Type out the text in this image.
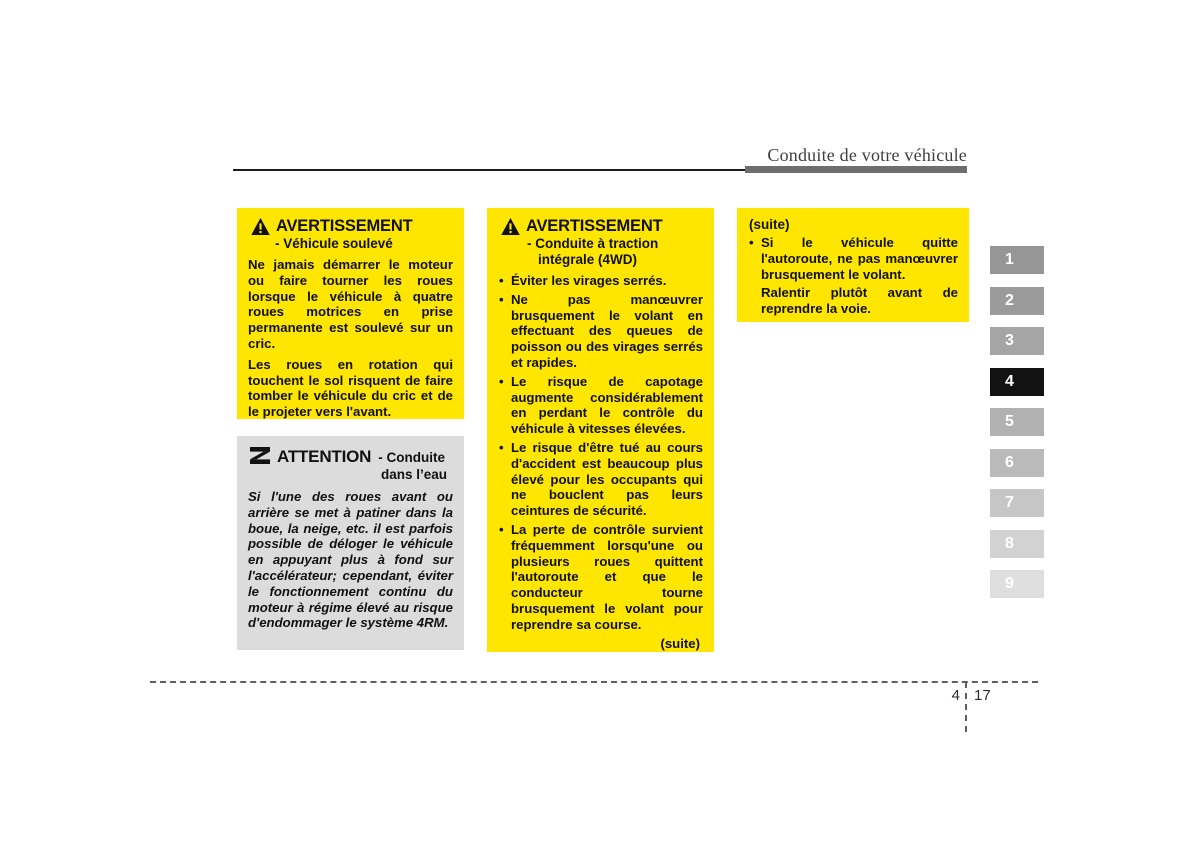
Conduite de votre véhicule
AVERTISSEMENT
- Véhicule soulevé

Ne jamais démarrer le moteur ou faire tourner les roues lorsque le véhicule à quatre roues motrices en prise permanente est soulevé sur un cric.

Les roues en rotation qui touchent le sol risquent de faire tomber le véhicule du cric et de le projeter vers l'avant.

ATTENTION - Conduite
dans l’eau

Si l'une des roues avant ou arrière se met à patiner dans la boue, la neige, etc. il est parfois possible de déloger le véhicule en appuyant plus à fond sur l'accélérateur; cependant, éviter le fonctionnement continu du moteur à régime élevé au risque d'endommager le système 4RM.

AVERTISSEMENT
- Conduite à traction
intégrale (4WD)
• Éviter les virages serrés.
• Ne pas manœuvrer brusquement le volant en effectuant des queues de poisson ou des virages serrés et rapides.
• Le risque de capotage augmente considérablement en perdant le contrôle du véhicule à vitesses élevées.
• Le risque d'être tué au cours d'accident est beaucoup plus élevé pour les occupants qui ne bouclent pas leurs ceintures de sécurité.
• La perte de contrôle survient fréquemment lorsqu'une ou plusieurs roues quittent l'autoroute et que le conducteur tourne brusquement le volant pour reprendre sa course.
(suite)
(suite)
• Si le véhicule quitte l'autoroute, ne pas manœuvrer brusquement le volant.
Ralentir plutôt avant de reprendre la voie.
1
2
3
4
5
6
7
8
9
4 17
